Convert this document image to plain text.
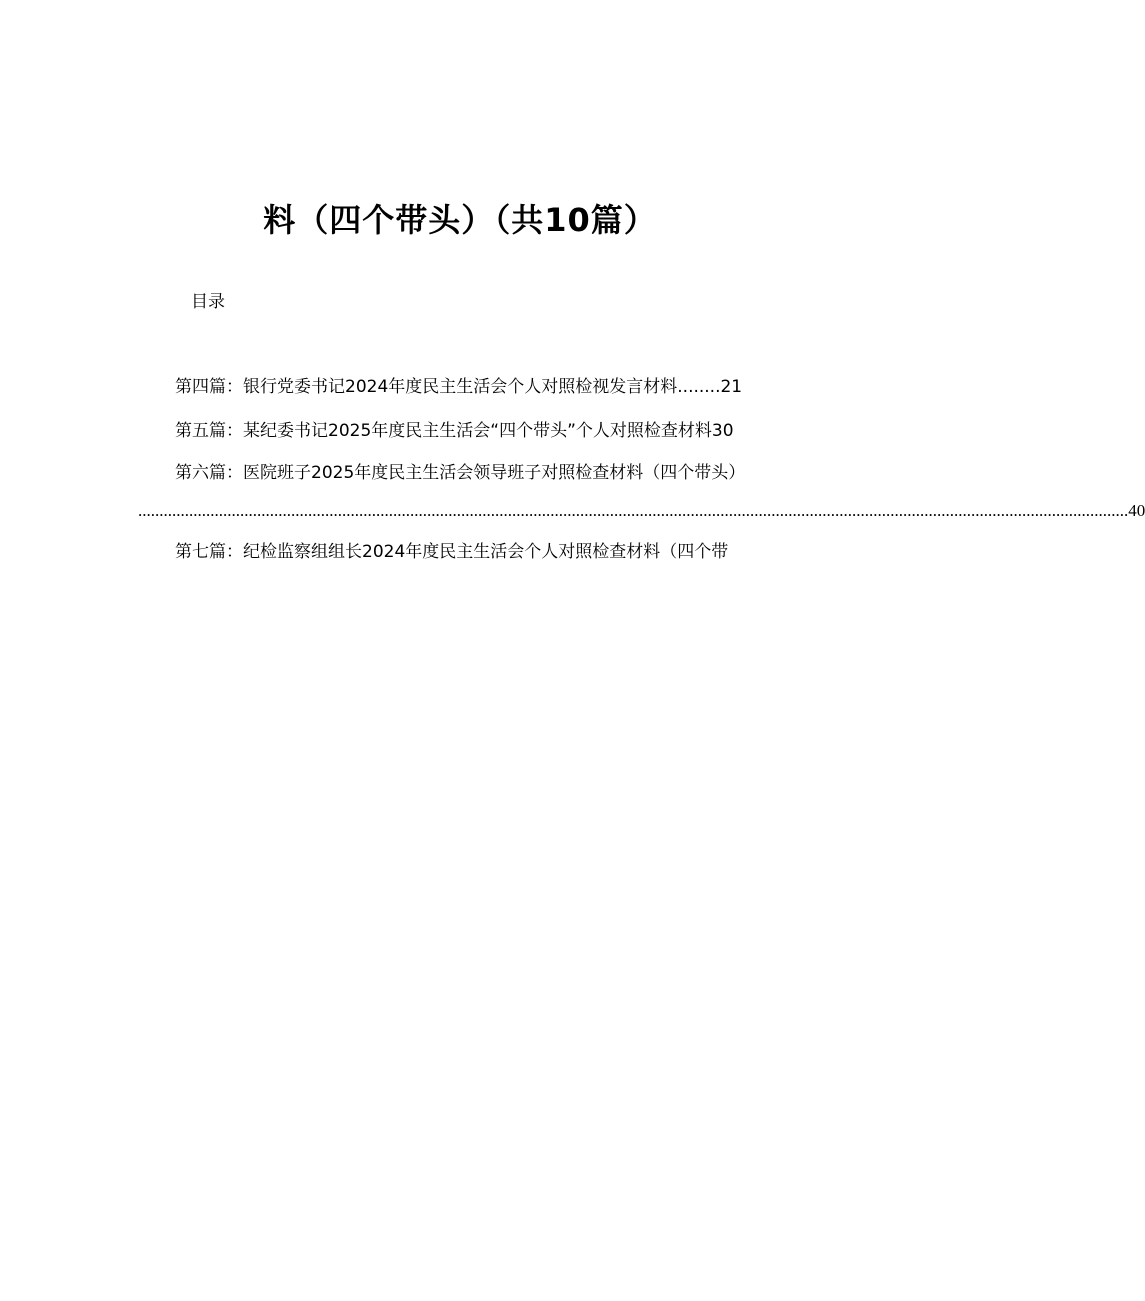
料（四个带头）（共10篇）
目录
第四篇：银行党委书记2024年度民主生活会个人对照检视发言材料........21
第五篇：某纪委书记2025年度民主生活会“四个带头”个人对照检查材料30
第六篇：医院班子2025年度民主生活会领导班子对照检查材料（四个带头）
......................................................................................................................................................................................................................................... 40
第七篇：纪检监察组组长2024年度民主生活会个人对照检查材料（四个带
